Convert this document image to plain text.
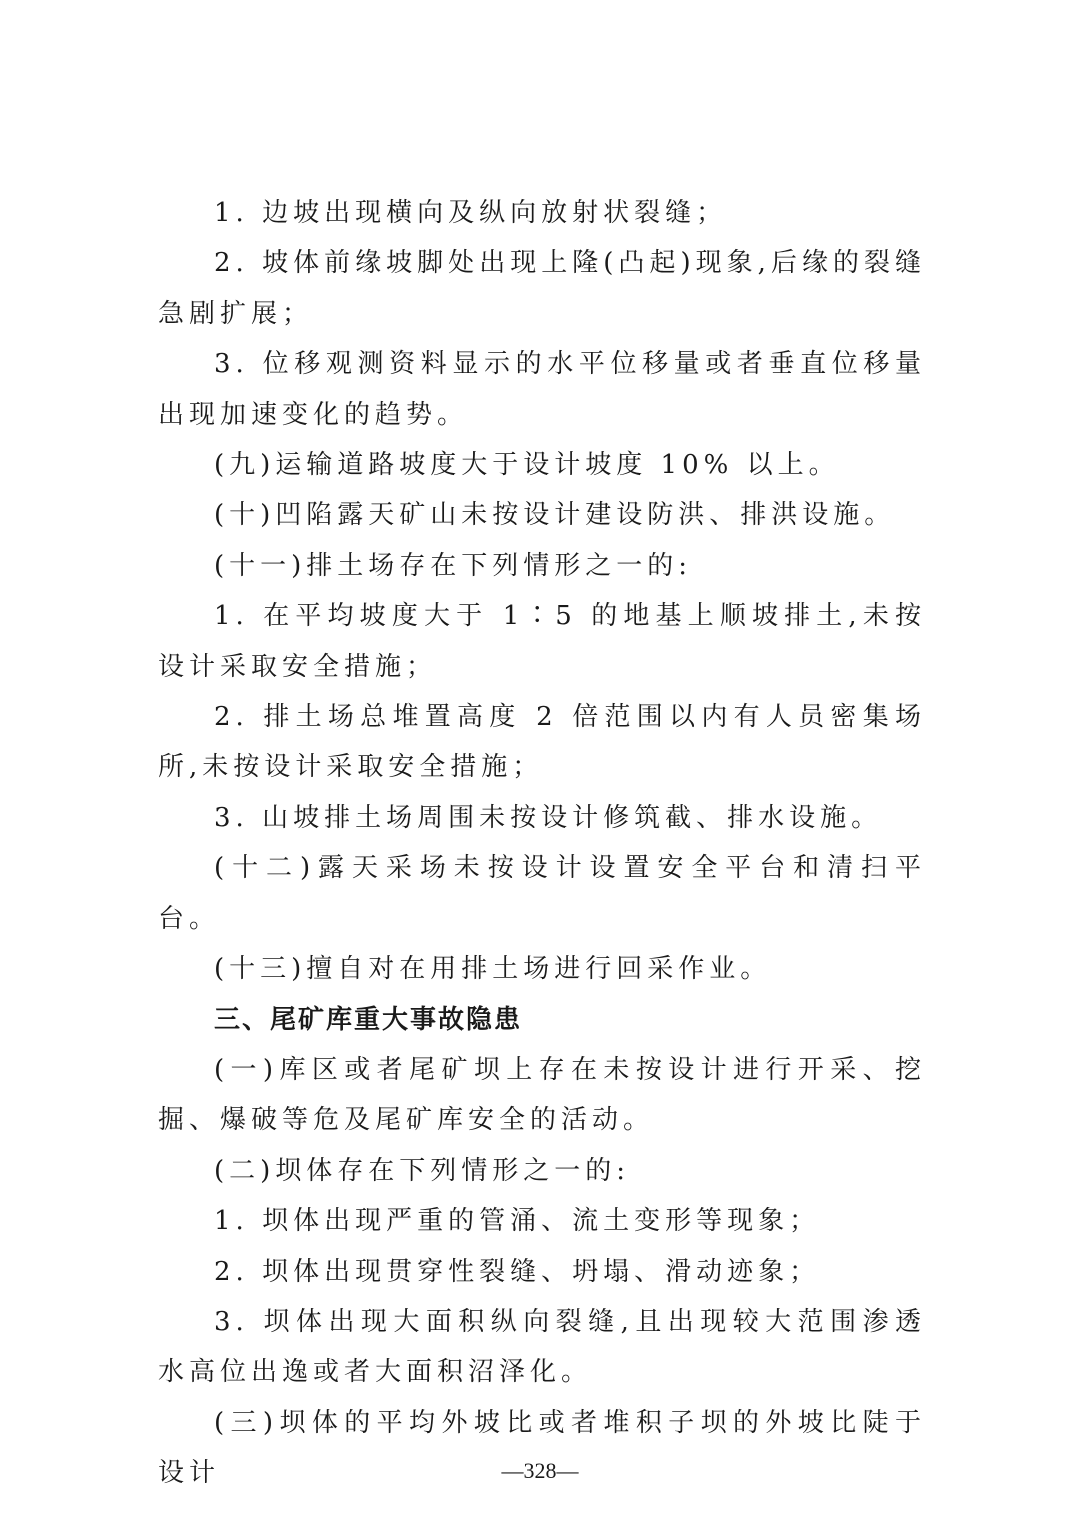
1. 边坡出现横向及纵向放射状裂缝；

2. 坡体前缘坡脚处出现上隆(凸起)现象,后缘的裂缝急剧扩展；

3. 位移观测资料显示的水平位移量或者垂直位移量出现加速变化的趋势。

(九)运输道路坡度大于设计坡度 10% 以上。

(十)凹陷露天矿山未按设计建设防洪、排洪设施。

(十一)排土场存在下列情形之一的:

1. 在平均坡度大于 1∶5 的地基上顺坡排土,未按设计采取安全措施；

2. 排土场总堆置高度 2 倍范围以内有人员密集场所,未按设计采取安全措施；

3. 山坡排土场周围未按设计修筑截、排水设施。

(十二)露天采场未按设计设置安全平台和清扫平台。

(十三)擅自对在用排土场进行回采作业。

三、尾矿库重大事故隐患

(一)库区或者尾矿坝上存在未按设计进行开采、挖掘、爆破等危及尾矿库安全的活动。

(二)坝体存在下列情形之一的:

1. 坝体出现严重的管涌、流土变形等现象；

2. 坝体出现贯穿性裂缝、坍塌、滑动迹象；

3. 坝体出现大面积纵向裂缝,且出现较大范围渗透水高位出逸或者大面积沼泽化。

(三)坝体的平均外坡比或者堆积子坝的外坡比陡于设计	—328—
